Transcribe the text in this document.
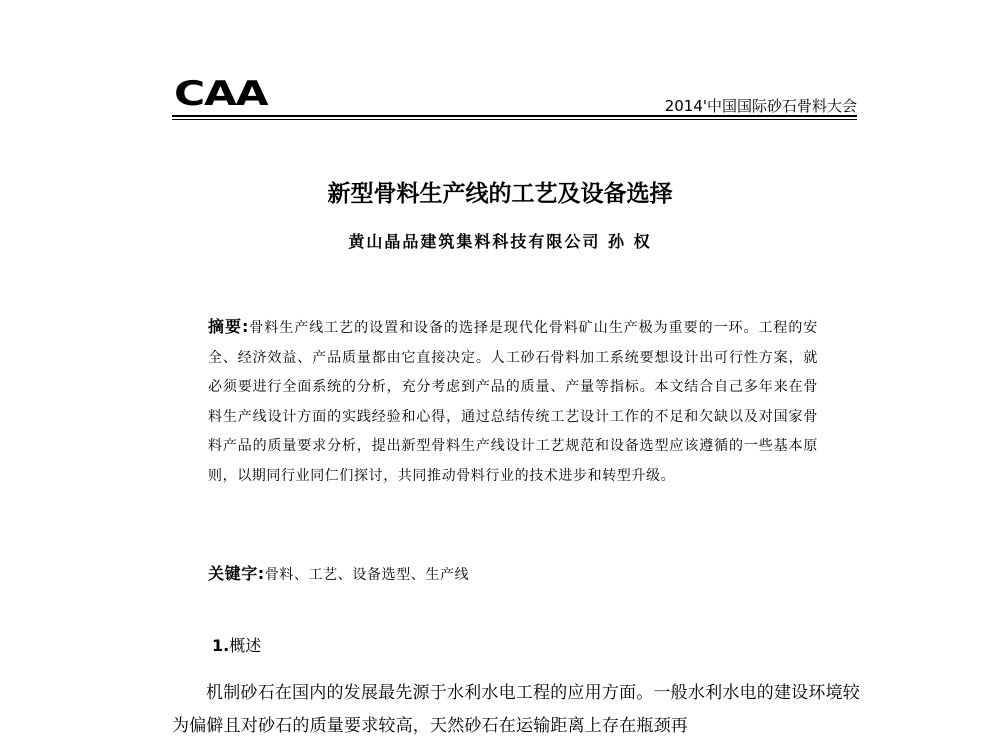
CAA	2014'中国国际砂石骨料大会
新型骨料生产线的工艺及设备选择
黄山晶品建筑集料科技有限公司 孙 权
摘要:骨料生产线工艺的设置和设备的选择是现代化骨料矿山生产极为重要的一环。工程的安全、经济效益、产品质量都由它直接决定。人工砂石骨料加工系统要想设计出可行性方案，就必须要进行全面系统的分析，充分考虑到产品的质量、产量等指标。本文结合自己多年来在骨料生产线设计方面的实践经验和心得，通过总结传统工艺设计工作的不足和欠缺以及对国家骨料产品的质量要求分析，提出新型骨料生产线设计工艺规范和设备选型应该遵循的一些基本原则，以期同行业同仁们探讨，共同推动骨料行业的技术进步和转型升级。
关键字:骨料、工艺、设备选型、生产线
1.概述
机制砂石在国内的发展最先源于水利水电工程的应用方面。一般水利水电的建设环境较为偏僻且对砂石的质量要求较高，天然砂石在运输距离上存在瓶颈再
